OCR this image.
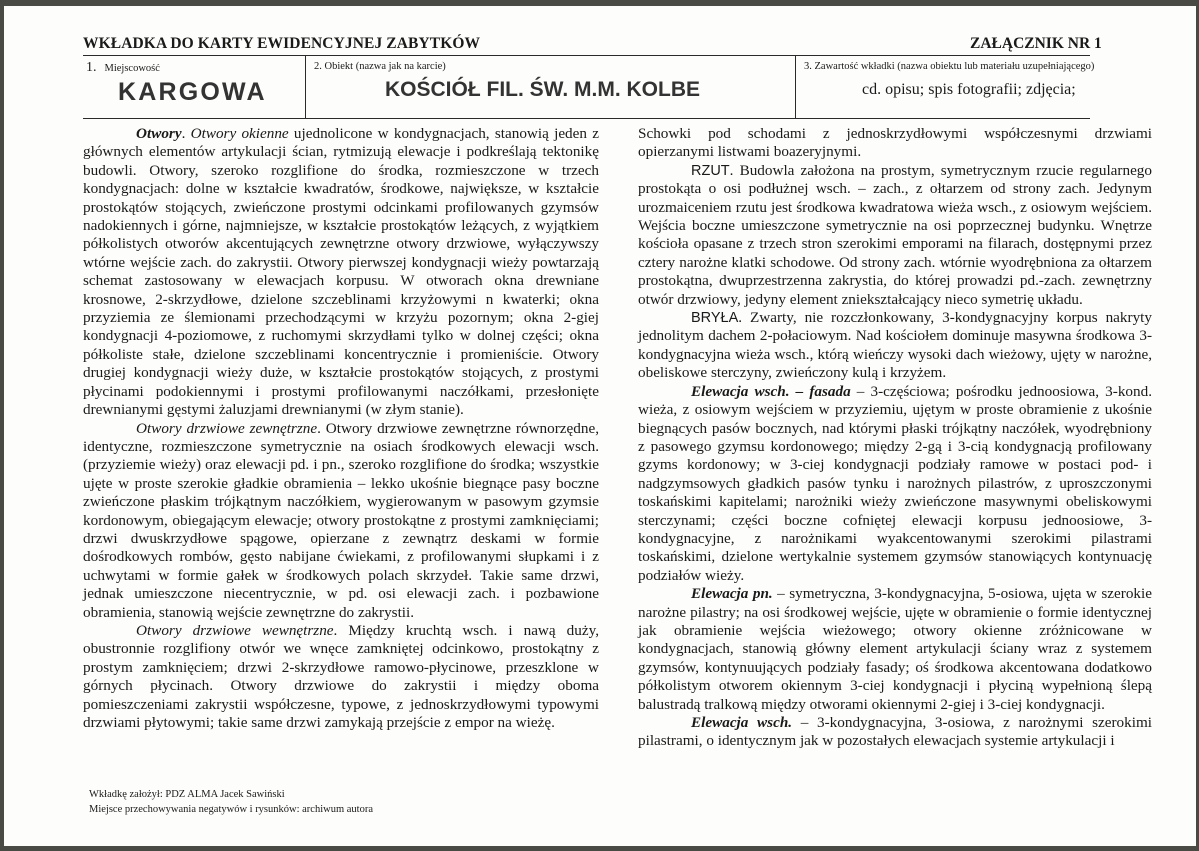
WKŁADKA DO KARTY EWIDENCYJNEJ ZABYTKÓW	ZAŁĄCZNIK NR 1
1. Miejscowość
KARGOWA
2. Obiekt (nazwa jak na karcie)
KOŚCIÓŁ FIL. ŚW. M.M. KOLBE
3. Zawartość wkładki (nazwa obiektu lub materiału uzupełniającego)
cd. opisu; spis fotografii; zdjęcia;

Otwory. Otwory okienne ujednolicone w kondygnacjach, stanowią jeden z głównych elementów artykulacji ścian, rytmizują elewacje i podkreślają tektonikę budowli. Otwory, szeroko rozglifione do środka, rozmieszczone w trzech kondygnacjach: dolne w kształcie kwadratów, środkowe, największe, w kształcie prostokątów stojących, zwieńczone prostymi odcinkami profilowanych gzymsów nadokiennych i górne, najmniejsze, w kształcie prostokątów leżących, z wyjątkiem półkolistych otworów akcentujących zewnętrzne otwory drzwiowe, wyłączywszy wtórne wejście zach. do zakrystii. Otwory pierwszej kondygnacji wieży powtarzają schemat zastosowany w elewacjach korpusu. W otworach okna drewniane krosnowe, 2-skrzydłowe, dzielone szczeblinami krzyżowymi n kwaterki; okna przyziemia ze ślemionami przechodzącymi w krzyżu pozornym; okna 2-giej kondygnacji 4-poziomowe, z ruchomymi skrzydłami tylko w dolnej części; okna półkoliste stałe, dzielone szczeblinami koncentrycznie i promieniście. Otwory drugiej kondygnacji wieży duże, w kształcie prostokątów stojących, z prostymi płycinami podokiennymi i prostymi profilowanymi naczółkami, przesłonięte drewnianymi gęstymi żaluzjami drewnianymi (w złym stanie).

Otwory drzwiowe zewnętrzne. Otwory drzwiowe zewnętrzne równorzędne, identyczne, rozmieszczone symetrycznie na osiach środkowych elewacji wsch. (przyziemie wieży) oraz elewacji pd. i pn., szeroko rozglifione do środka; wszystkie ujęte w proste szerokie gładkie obramienia – lekko ukośnie biegnące pasy boczne zwieńczone płaskim trójkątnym naczółkiem, wygierowanym w pasowym gzymsie kordonowym, obiegającym elewacje; otwory prostokątne z prostymi zamknięciami; drzwi dwuskrzydłowe spągowe, opierzane z zewnątrz deskami w formie dośrodkowych rombów, gęsto nabijane ćwiekami, z profilowanymi słupkami i z uchwytami w formie gałek w środkowych polach skrzydeł. Takie same drzwi, jednak umieszczone niecentrycznie, w pd. osi elewacji zach. i pozbawione obramienia, stanowią wejście zewnętrzne do zakrystii.

Otwory drzwiowe wewnętrzne. Między kruchtą wsch. i nawą duży, obustronnie rozglifiony otwór we wnęce zamkniętej odcinkowo, prostokątny z prostym zamknięciem; drzwi 2-skrzydłowe ramowo-płycinowe, przeszklone w górnych płycinach. Otwory drzwiowe do zakrystii i między oboma pomieszczeniami zakrystii współczesne, typowe, z jednoskrzydłowymi typowymi drzwiami płytowymi; takie same drzwi zamykają przejście z empor na wieżę.

Schowki pod schodami z jednoskrzydłowymi współczesnymi drzwiami opierzanymi listwami boazeryjnymi.

RZUT. Budowla założona na prostym, symetrycznym rzucie regularnego prostokąta o osi podłużnej wsch. – zach., z ołtarzem od strony zach. Jedynym urozmaiceniem rzutu jest środkowa kwadratowa wieża wsch., z osiowym wejściem. Wejścia boczne umieszczone symetrycznie na osi poprzecznej budynku. Wnętrze kościoła opasane z trzech stron szerokimi emporami na filarach, dostępnymi przez cztery narożne klatki schodowe. Od strony zach. wtórnie wyodrębniona za ołtarzem prostokątna, dwuprzestrzenna zakrystia, do której prowadzi pd.-zach. zewnętrzny otwór drzwiowy, jedyny element zniekształcający nieco symetrię układu.

BRYŁA. Zwarty, nie rozczłonkowany, 3-kondygnacyjny korpus nakryty jednolitym dachem 2-połaciowym. Nad kościołem dominuje masywna środkowa 3-kondygnacyjna wieża wsch., którą wieńczy wysoki dach wieżowy, ujęty w narożne, obeliskowe sterczyny, zwieńczony kulą i krzyżem.

Elewacja wsch. – fasada – 3-częściowa; pośrodku jednoosiowa, 3-kond. wieża, z osiowym wejściem w przyziemiu, ujętym w proste obramienie z ukośnie biegnących pasów bocznych, nad którymi płaski trójkątny naczółek, wyodrębniony z pasowego gzymsu kordonowego; między 2-gą i 3-cią kondygnacją profilowany gzyms kordonowy; w 3-ciej kondygnacji podziały ramowe w postaci pod- i nadgzymsowych gładkich pasów tynku i narożnych pilastrów, z uproszczonymi toskańskimi kapitelami; narożniki wieży zwieńczone masywnymi obeliskowymi sterczynami; części boczne cofniętej elewacji korpusu jednoosiowe, 3-kondygnacyjne, z narożnikami wyakcentowanymi szerokimi pilastrami toskańskimi, dzielone wertykalnie systemem gzymsów stanowiących kontynuację podziałów wieży.

Elewacja pn. – symetryczna, 3-kondygnacyjna, 5-osiowa, ujęta w szerokie narożne pilastry; na osi środkowej wejście, ujęte w obramienie o formie identycznej jak obramienie wejścia wieżowego; otwory okienne zróżnicowane w kondygnacjach, stanowią główny element artykulacji ściany wraz z systemem gzymsów, kontynuujących podziały fasady; oś środkowa akcentowana dodatkowo półkolistym otworem okiennym 3-ciej kondygnacji i płyciną wypełnioną ślepą balustradą tralkową między otworami okiennymi 2-giej i 3-ciej kondygnacji.

Elewacja wsch. – 3-kondygnacyjna, 3-osiowa, z narożnymi szerokimi pilastrami, o identycznym jak w pozostałych elewacjach systemie artykulacji i

Wkładkę założył: PDZ ALMA Jacek Sawiński
Miejsce przechowywania negatywów i rysunków: archiwum autora
